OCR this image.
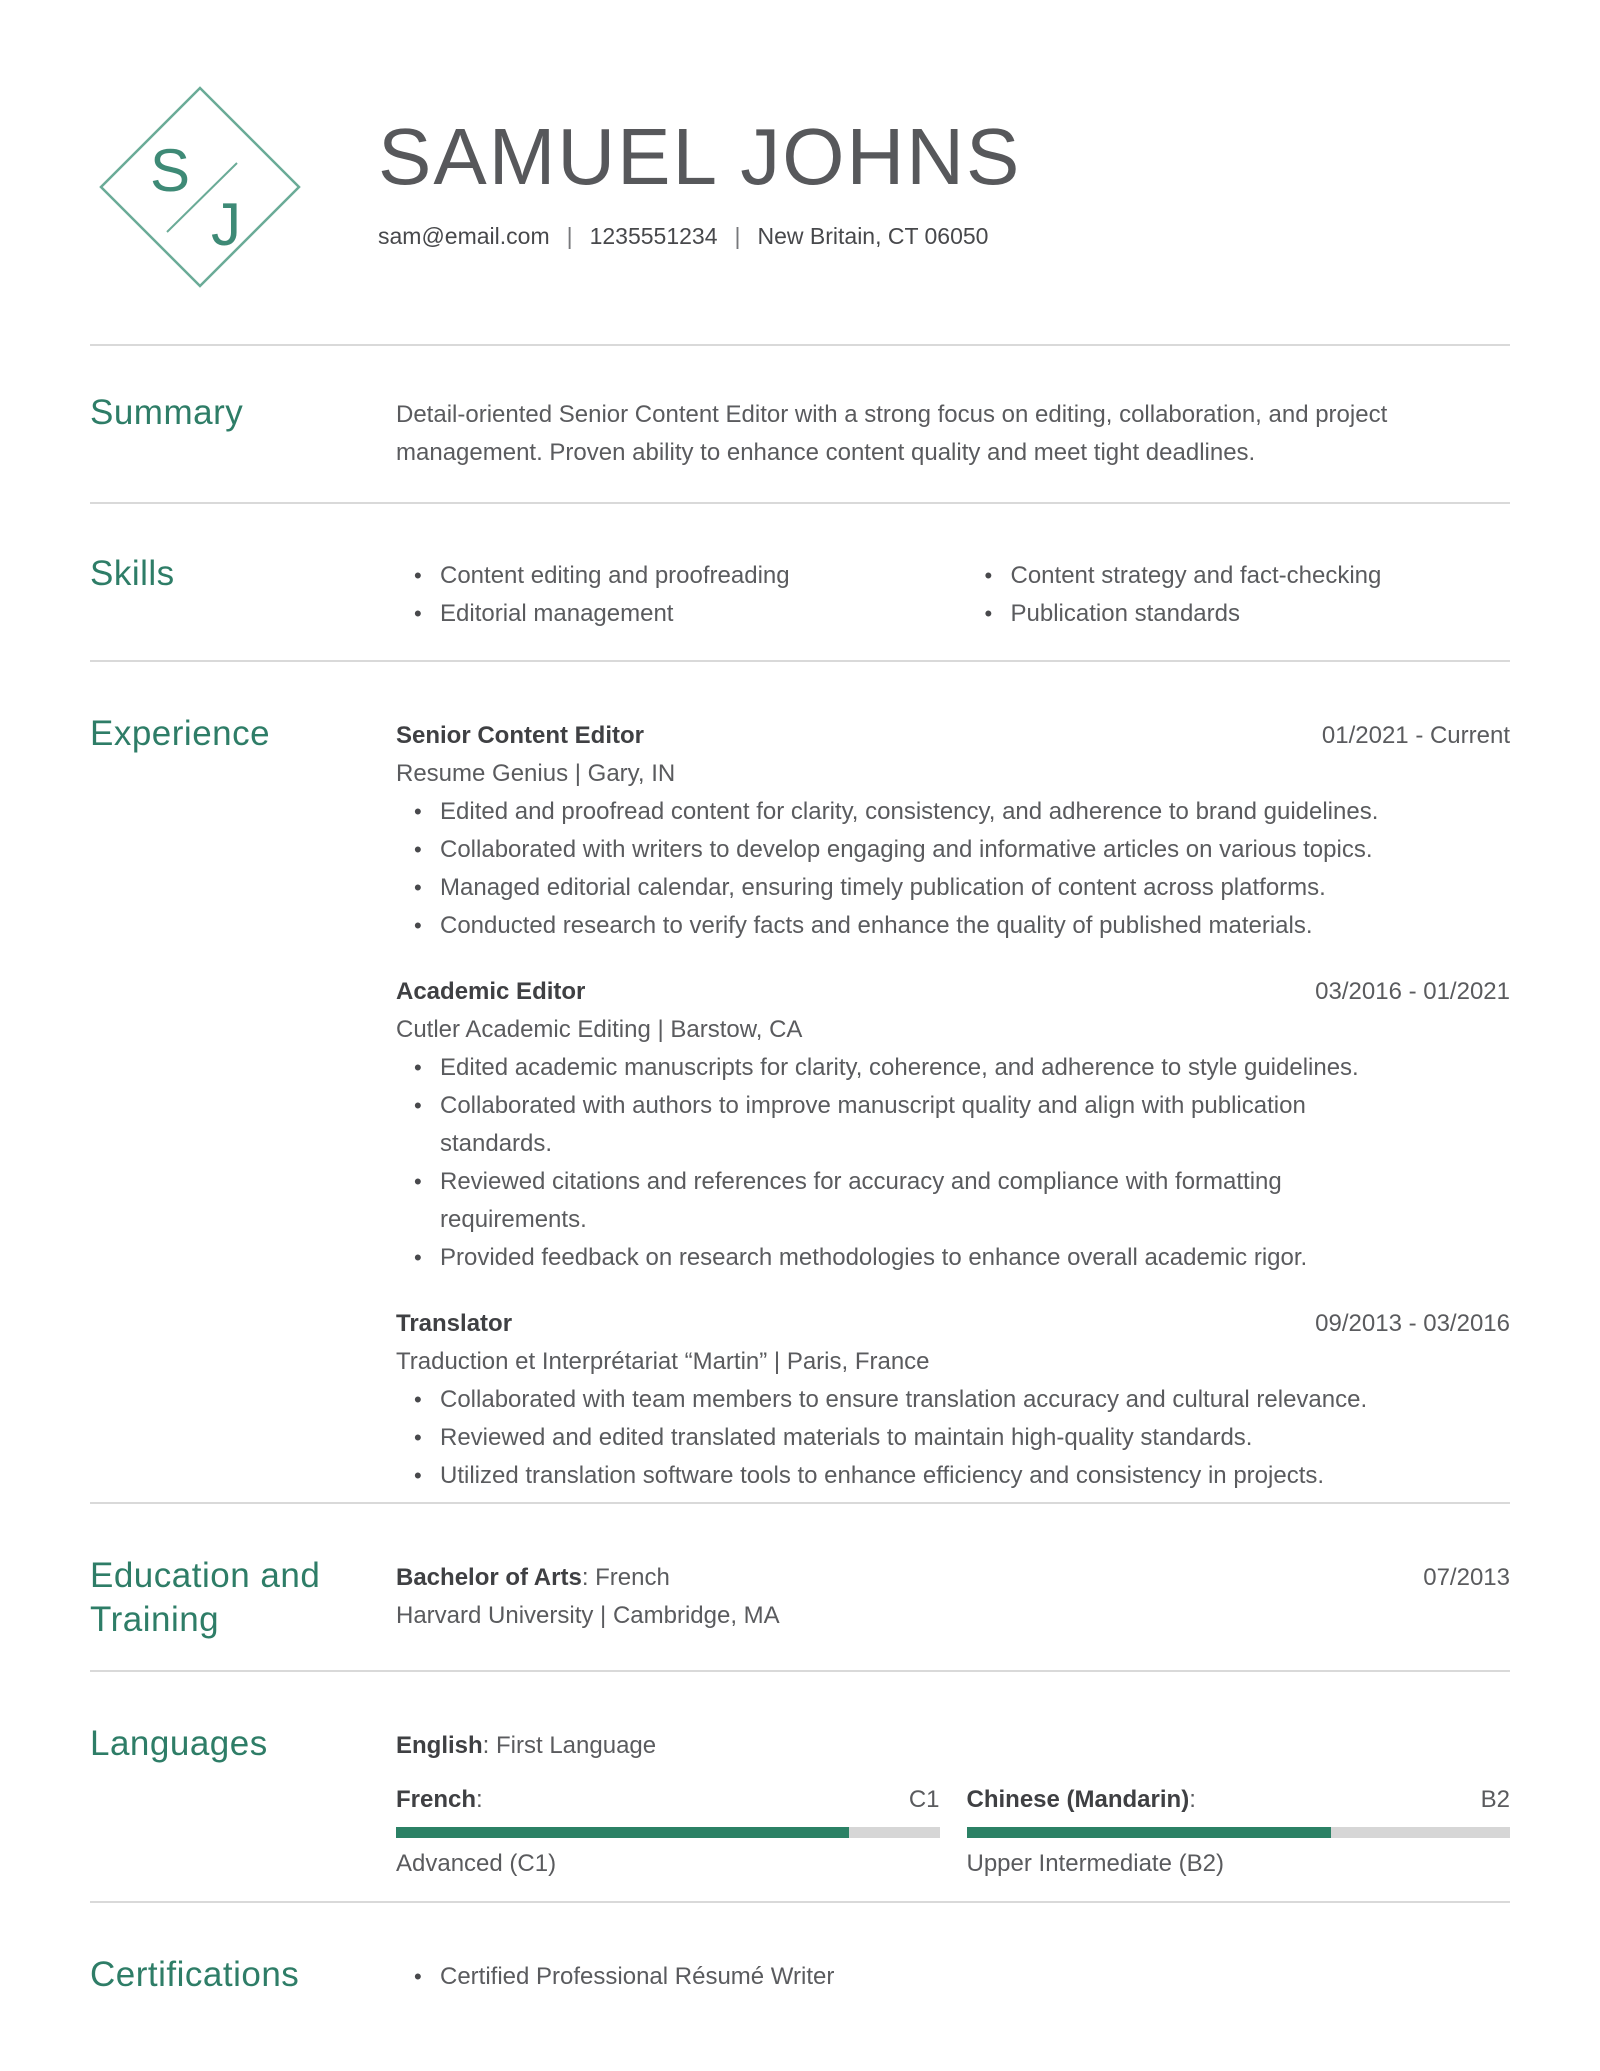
S
J
SAMUEL JOHNS
sam@email.com | 1235551234 | New Britain, CT 06050
Summary	Detail-oriented Senior Content Editor with a strong focus on editing, collaboration, and project
management. Proven ability to enhance content quality and meet tight deadlines.
Skills	• Content editing and proofreading
• Editorial management
• Content strategy and fact-checking
• Publication standards
Experience	Senior Content Editor	01/2021 - Current
Resume Genius | Gary, IN
• Edited and proofread content for clarity, consistency, and adherence to brand guidelines.
• Collaborated with writers to develop engaging and informative articles on various topics.
• Managed editorial calendar, ensuring timely publication of content across platforms.
• Conducted research to verify facts and enhance the quality of published materials.
Academic Editor	03/2016 - 01/2021
Cutler Academic Editing | Barstow, CA
• Edited academic manuscripts for clarity, coherence, and adherence to style guidelines.
• Collaborated with authors to improve manuscript quality and align with publication
standards.
• Reviewed citations and references for accuracy and compliance with formatting
requirements.
• Provided feedback on research methodologies to enhance overall academic rigor.
Translator	09/2013 - 03/2016
Traduction et Interprétariat “Martin” | Paris, France
• Collaborated with team members to ensure translation accuracy and cultural relevance.
• Reviewed and edited translated materials to maintain high-quality standards.
• Utilized translation software tools to enhance efficiency and consistency in projects.
Education and Training
Bachelor of Arts: French	07/2013
Harvard University | Cambridge, MA
Languages	English: First Language
French:	C1
Advanced (C1)
Chinese (Mandarin):	B2
Upper Intermediate (B2)
Certifications	• Certified Professional Résumé Writer
